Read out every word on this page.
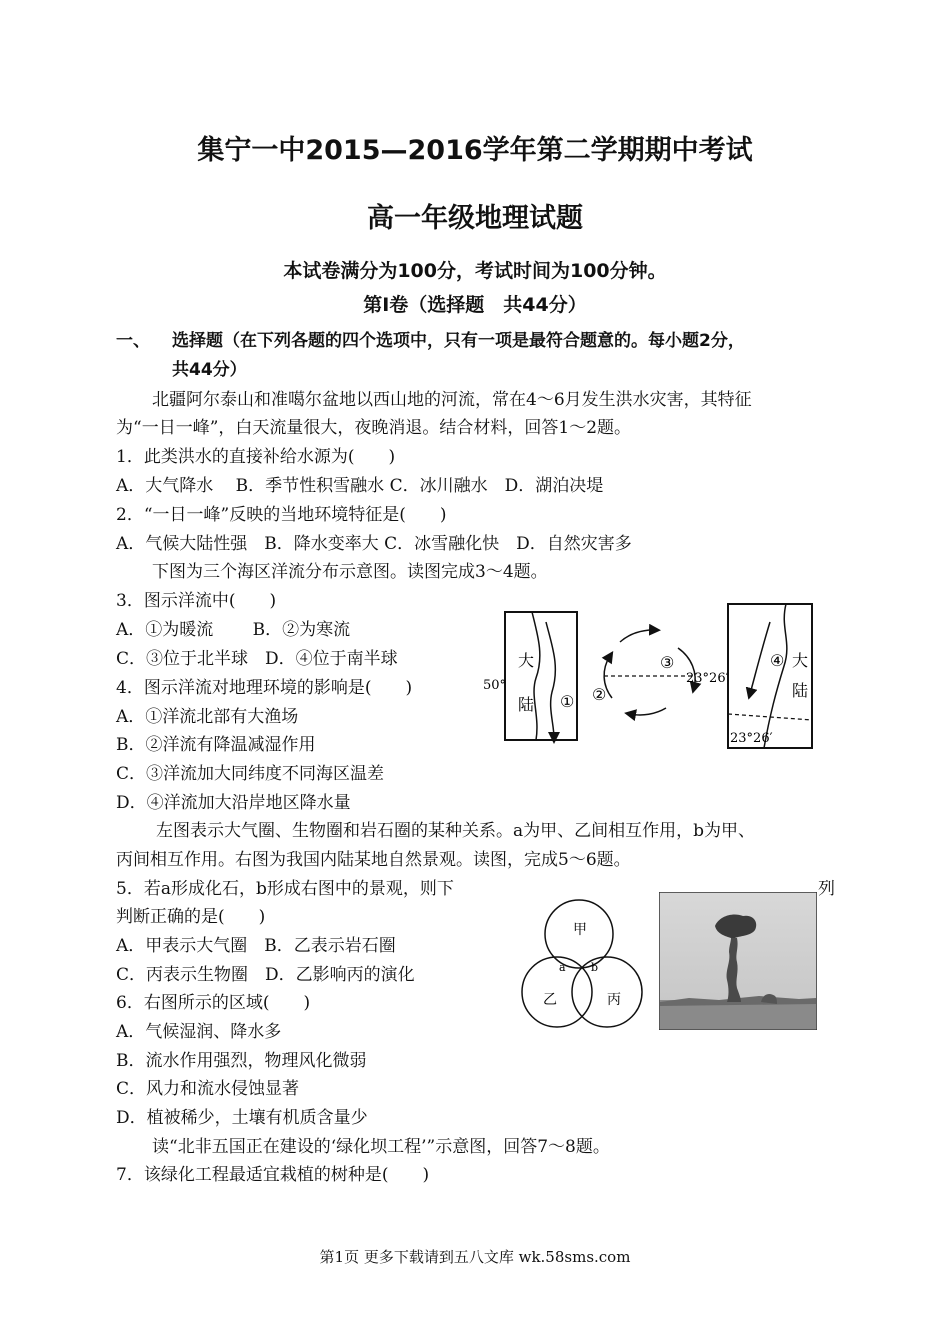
集宁一中2015—2016学年第二学期期中考试
高一年级地理试题
本试卷满分为100分，考试时间为100分钟。
第Ⅰ卷（选择题　共44分）
一、 选择题（在下列各题的四个选项中，只有一项是最符合题意的。每小题2分，
共44分）
北疆阿尔泰山和准噶尔盆地以西山地的河流，常在4～6月发生洪水灾害，其特征
为“一日一峰”，白天流量很大，夜晚消退。结合材料，回答1～2题。
1．此类洪水的直接补给水源为(　　)
A．大气降水　 B．季节性积雪融水 C．冰川融水　D．湖泊决堤
2．“一日一峰”反映的当地环境特征是(　　)
A．气候大陆性强　B．降水变率大 C．冰雪融化快　D．自然灾害多
下图为三个海区洋流分布示意图。读图完成3～4题。
3．图示洋流中(　　)
A．①为暖流　　 B．②为寒流
C．③位于北半球　D．④位于南半球
4．图示洋流对地理环境的影响是(　　)
A．①洋流北部有大渔场
B．②洋流有降温减湿作用
C．③洋流加大同纬度不同海区温差
D．④洋流加大沿岸地区降水量
大
陆 ①
50°
③
②
23°26′
④ 大
陆
23°26′
左图表示大气圈、生物圈和岩石圈的某种关系。a为甲、乙间相互作用，b为甲、
丙间相互作用。右图为我国内陆某地自然景观。读图，完成5～6题。
5．若a形成化石，b形成右图中的景观，则下	列
判断正确的是(　　)
A．甲表示大气圈　B．乙表示岩石圈
C．丙表示生物圈　D．乙影响丙的演化
甲
乙	丙
a b
6．右图所示的区域(　　)
A．气候湿润、降水多
B．流水作用强烈，物理风化微弱
C．风力和流水侵蚀显著
D．植被稀少，土壤有机质含量少
读“北非五国正在建设的‘绿化坝工程’”示意图，回答7～8题。
7．该绿化工程最适宜栽植的树种是(　　)
第1页 更多下载请到五八文库 wk.58sms.com
